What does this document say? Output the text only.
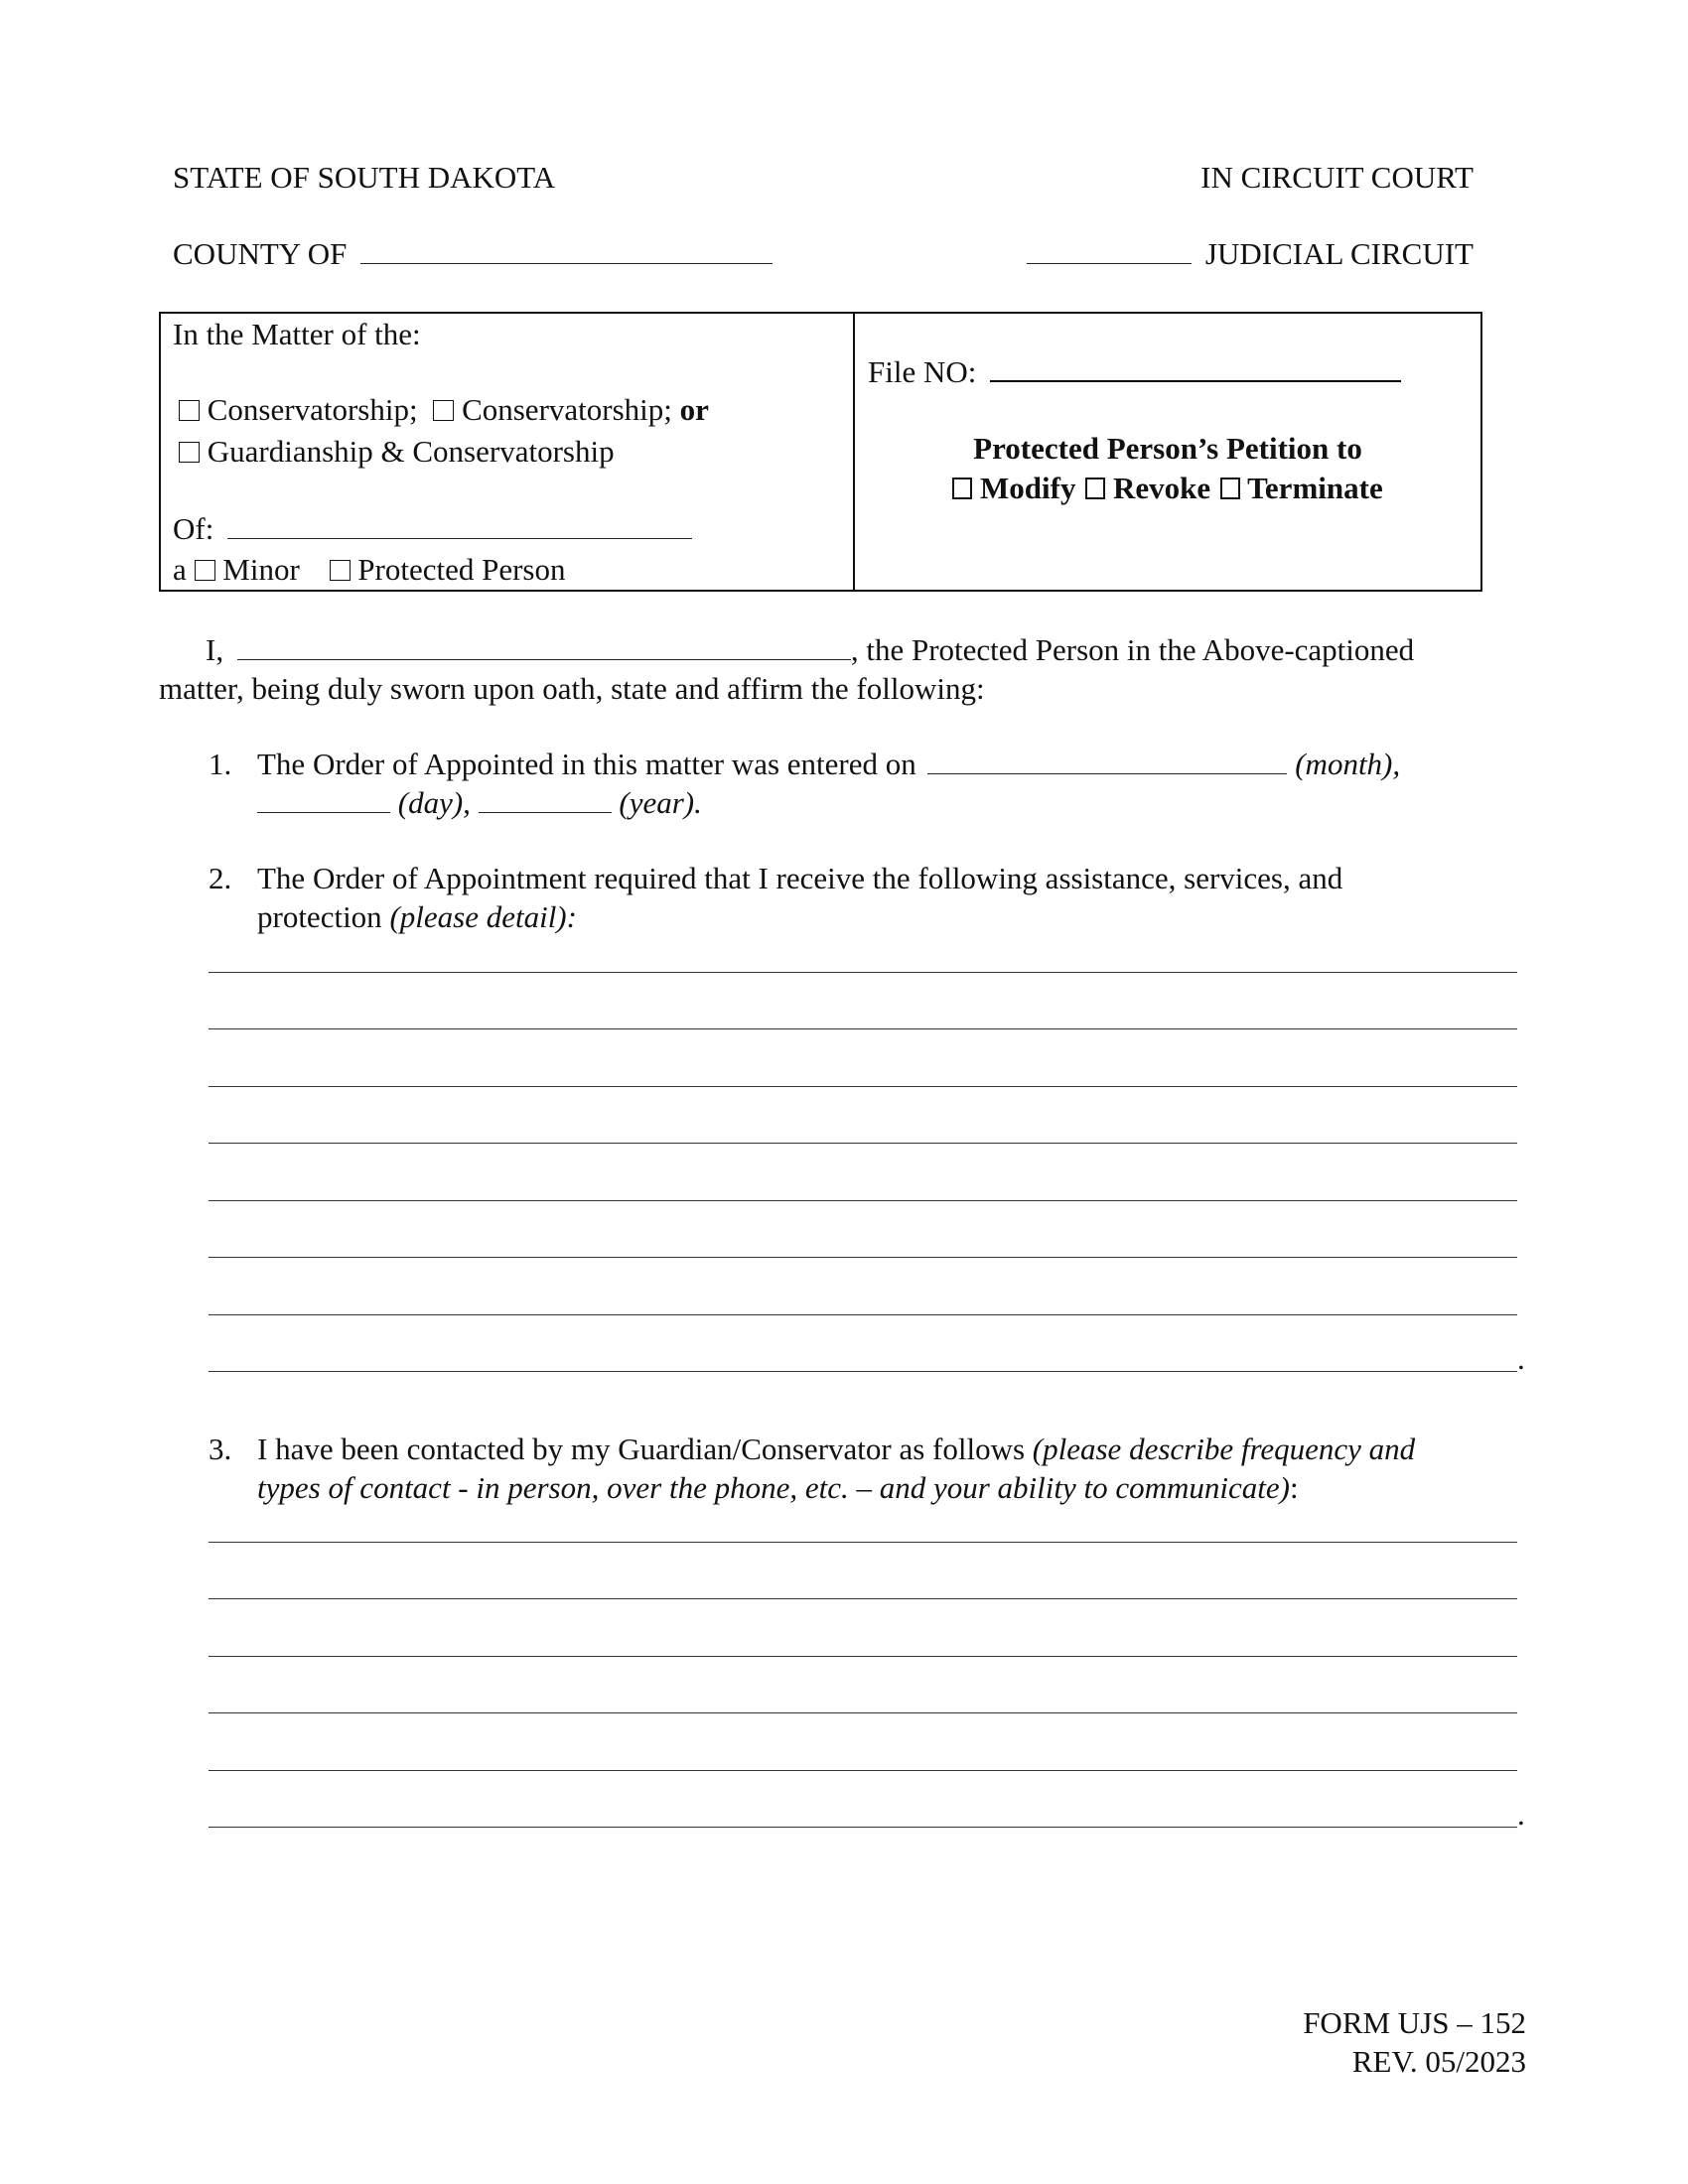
STATE OF SOUTH DAKOTA	IN CIRCUIT COURT
COUNTY OF	JUDICIAL CIRCUIT
In the Matter of the:
Conservatorship; Conservatorship; or
Guardianship & Conservatorship
Of:
a Minor Protected Person
File NO:
Protected Person’s Petition to
Modify Revoke Terminate
I,	, the Protected Person in the Above-captioned
matter, being duly sworn upon oath, state and affirm the following:
1. The Order of Appointed in this matter was entered on	(month),
(day),	(year).
2. The Order of Appointment required that I receive the following assistance, services, and
protection (please detail):
.
3. I have been contacted by my Guardian/Conservator as follows (please describe frequency and
types of contact - in person, over the phone, etc. – and your ability to communicate):
.
FORM UJS – 152
REV. 05/2023
